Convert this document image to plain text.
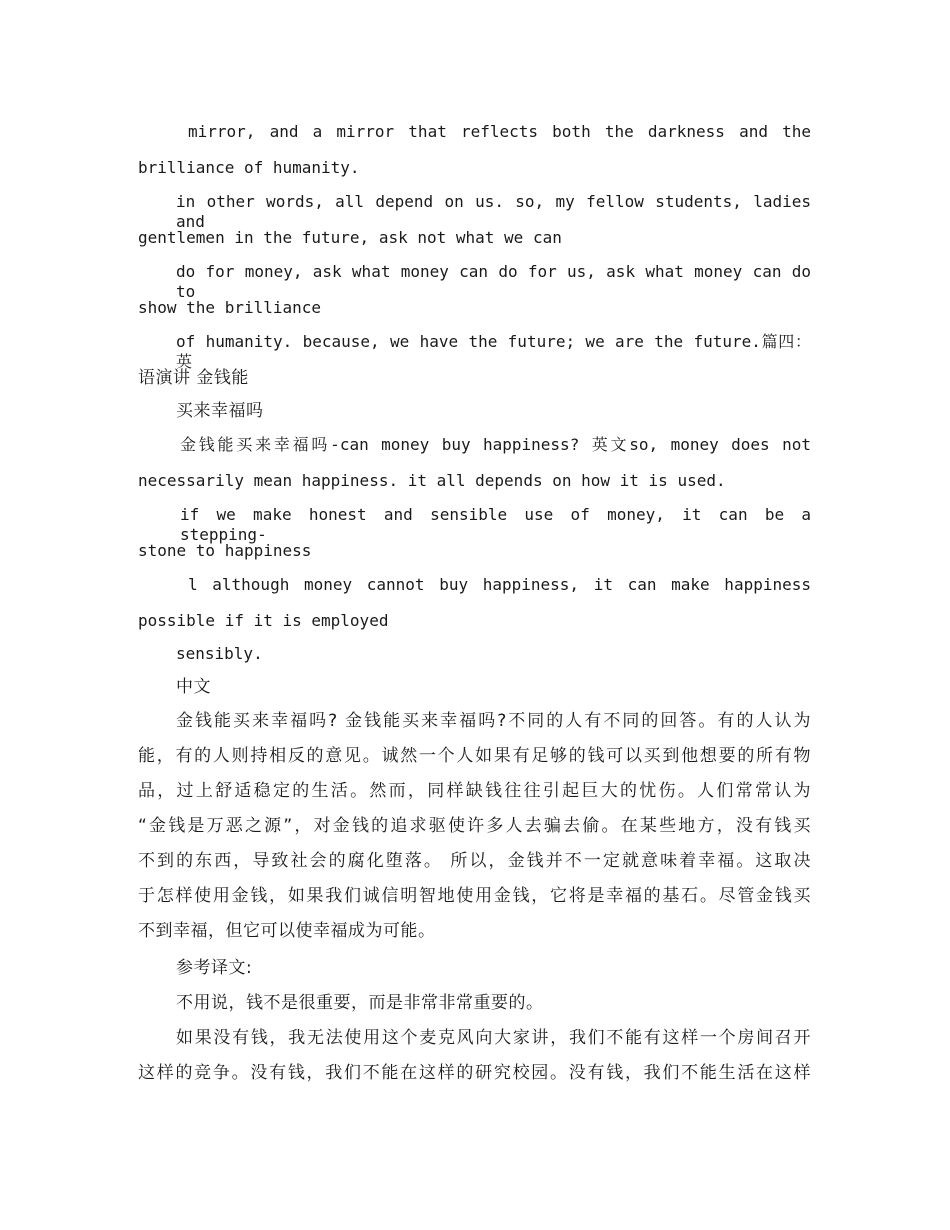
mirror, and a mirror that reflects both the darkness and the
brilliance of humanity.
in other words, all depend on us. so, my fellow students, ladies and
gentlemen in the future, ask not what we can
do for money, ask what money can do for us, ask what money can do to
show the brilliance
of humanity. because, we have the future; we are the future.篇四：英
语演讲 金钱能
买来幸福吗
金钱能买来幸福吗-can money buy happiness? 英文so, money does not
necessarily mean happiness. it all depends on how it is used.
if we make honest and sensible use of money, it can be a stepping-
stone to happiness
l although money cannot buy happiness, it can make happiness
possible if it is employed
sensibly.
中文
金钱能买来幸福吗? 金钱能买来幸福吗?不同的人有不同的回答。有的人认为
能，有的人则持相反的意见。诚然一个人如果有足够的钱可以买到他想要的所有物
品，过上舒适稳定的生活。然而，同样缺钱往往引起巨大的忧伤。人们常常认为
“金钱是万恶之源”，对金钱的追求驱使许多人去骗去偷。在某些地方，没有钱买
不到的东西，导致社会的腐化堕落。 所以，金钱并不一定就意味着幸福。这取决
于怎样使用金钱，如果我们诚信明智地使用金钱，它将是幸福的基石。尽管金钱买
不到幸福，但它可以使幸福成为可能。
参考译文:
不用说，钱不是很重要，而是非常非常重要的。
如果没有钱，我无法使用这个麦克风向大家讲，我们不能有这样一个房间召开
这样的竞争。没有钱，我们不能在这样的研究校园。没有钱，我们不能生活在这样
